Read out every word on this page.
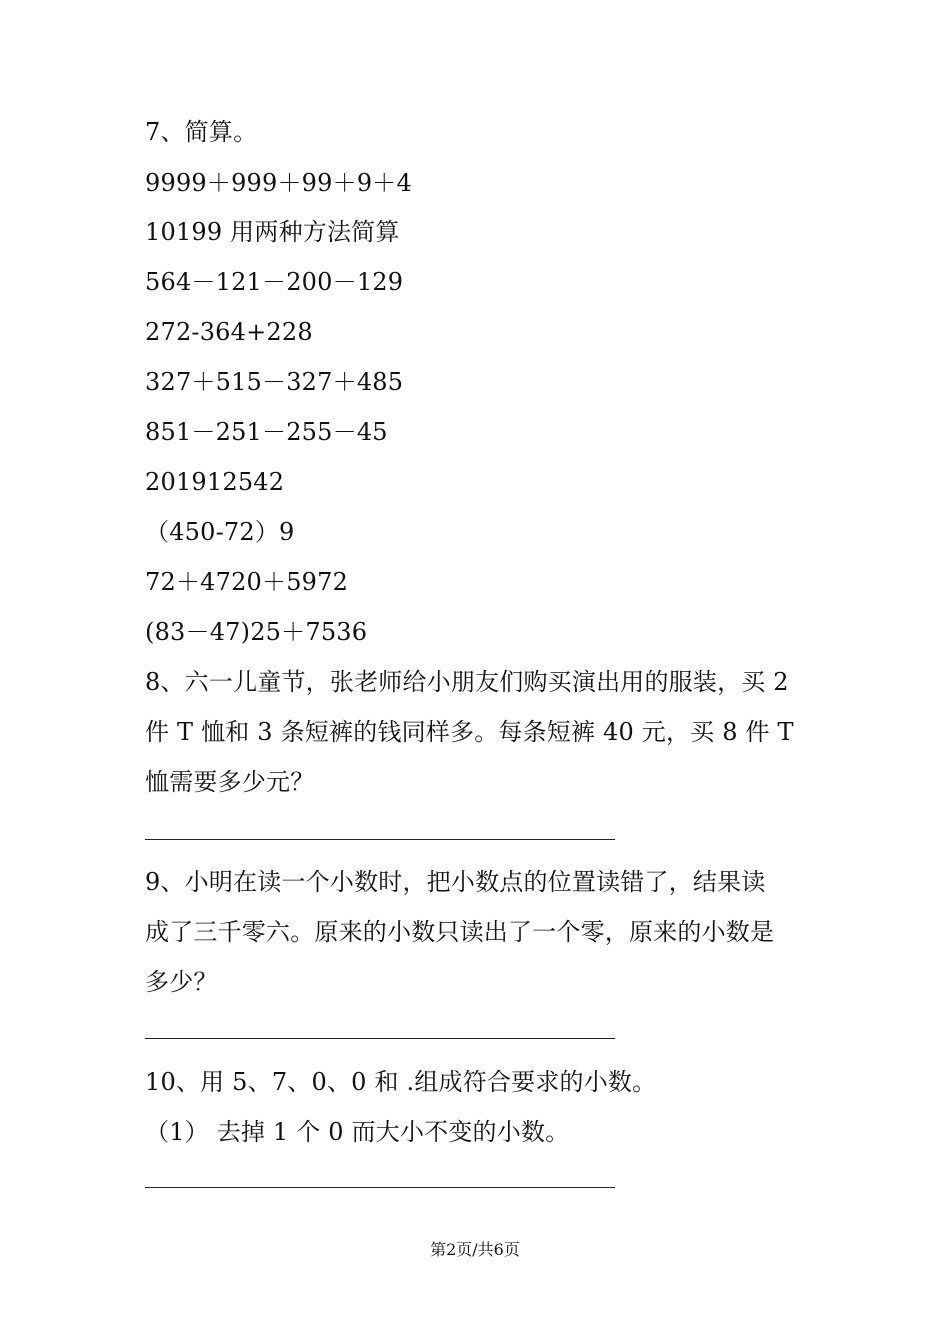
7、简算。
9999＋999＋99＋9＋4
10199 用两种方法简算
564－121－200－129
272-364+228
327＋515－327＋485
851－251－255－45
201912542
（450-72）9
72＋4720＋5972
(83－47)25＋7536
8、六一儿童节，张老师给小朋友们购买演出用的服装，买 2
件 T 恤和 3 条短裤的钱同样多。每条短裤 40 元，买 8 件 T
恤需要多少元？
9、小明在读一个小数时，把小数点的位置读错了，结果读
成了三千零六。原来的小数只读出了一个零，原来的小数是
多少？
10、用 5、7、0、0 和 .组成符合要求的小数。
（1） 去掉 1 个 0 而大小不变的小数。
第2页/共6页
